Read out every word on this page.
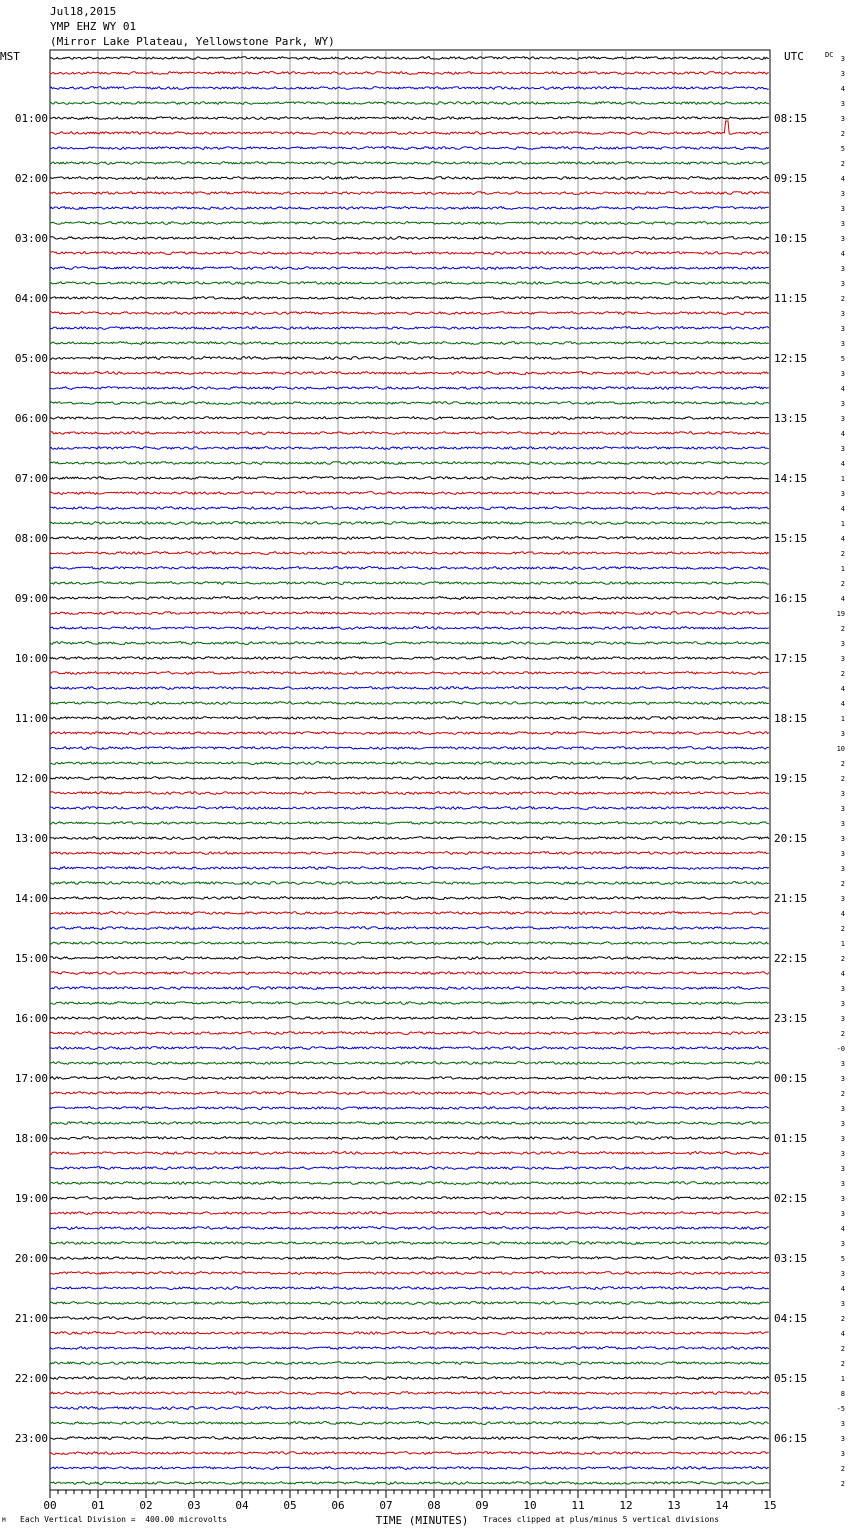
Jul18,2015
YMP EHZ WY 01
(Mirror Lake Plateau, Yellowstone Park, WY)
MST	UTC	DC
01:00
02:00
03:00
04:00
05:00
06:00
07:00
08:00
09:00
10:00
11:00
12:00
13:00
14:00
15:00
16:00
17:00
18:00
19:00
20:00
21:00
22:00
23:00
08:15
09:15
10:15
11:15
12:15
13:15
14:15
15:15
16:15
17:15
18:15
19:15
20:15
21:15
22:15
23:15
00:15
01:15
02:15
03:15
04:15
05:15
06:15
3
3
4
3
3
2
5
2
4
3
3
3
3
4
3
3
2
3
3
3
5
3
4
3
3
4
3
4
1
3
4
1
4
2
1
2
4
19
2
3
3
2
4
4
1
3
10
2
2
3
3
3
3
3
3
2
3
4
2
1
2
4
3
3
3
2
-0
3
3
2
3
3
3
3
3
3
3
3
4
3
5
3
4
3
2
4
2
2
1
8
-5
3
3
3
2
2
00	01	02	03	04	05	06	07	08	09	10	11	12	13	14	15
TIME (MINUTES)
M Each Vertical Division =  400.00 microvolts	Traces clipped at plus/minus 5 vertical divisions
